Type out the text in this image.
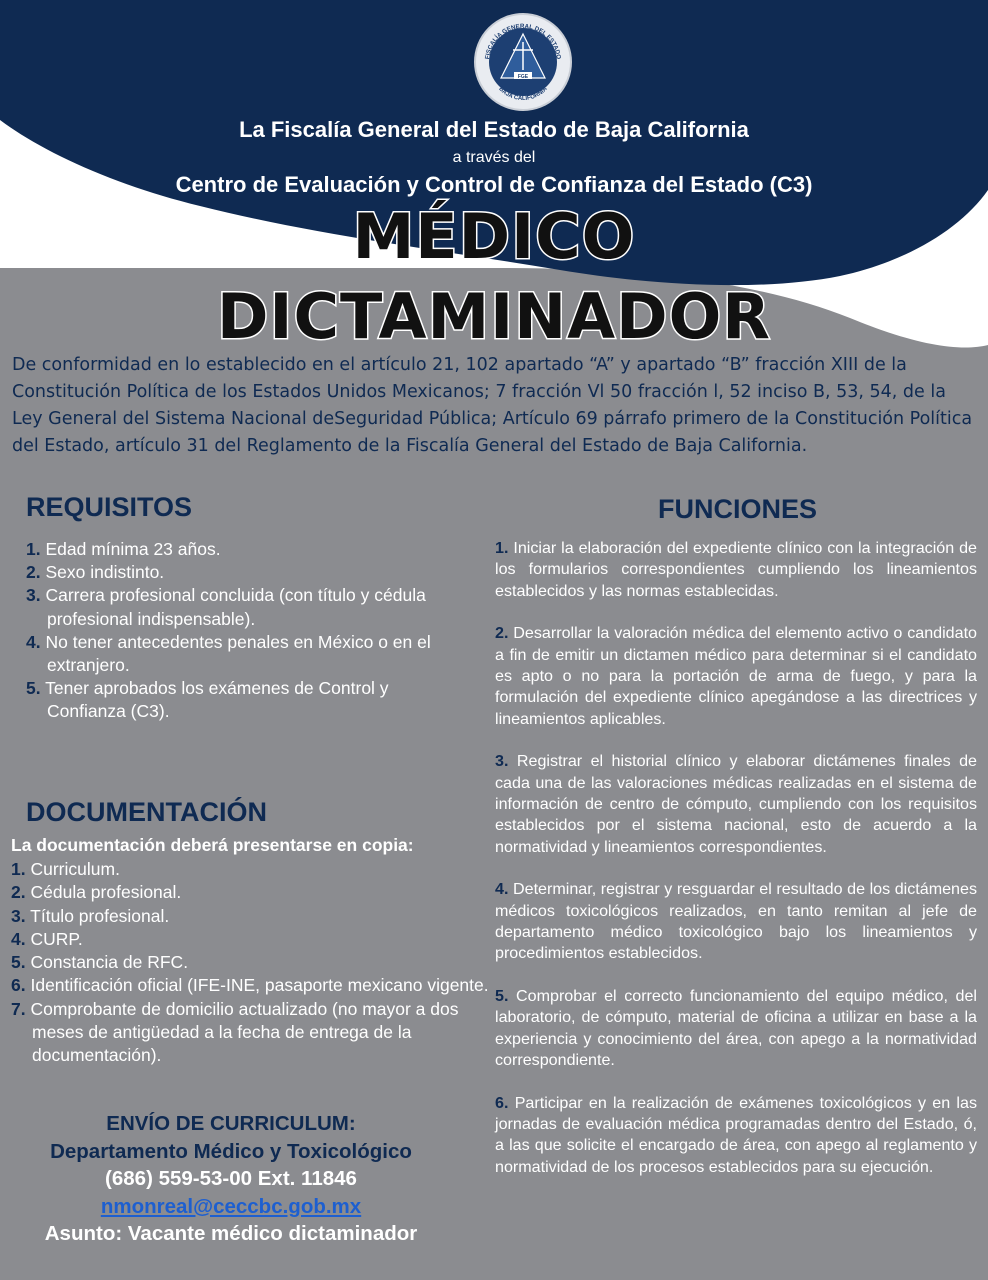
FGE
FISCALÍA GENERAL DEL ESTADO
BAJA CALIFORNIA
La Fiscalía General del Estado de Baja California
a través del
Centro de Evaluación y Control de Confianza del Estado (C3)
MÉDICO
DICTAMINADOR
De conformidad en lo establecido en el artículo 21, 102 apartado “A” y apartado “B” fracción XIII de la Constitución Política de los Estados Unidos Mexicanos; 7 fracción Vl 50 fracción l, 52 inciso B, 53, 54, de la Ley General del Sistema Nacional deSeguridad Pública; Artículo 69 párrafo primero de la Constitución Política del Estado, artículo 31 del Reglamento de la Fiscalía General del Estado de Baja California.
REQUISITOS
1. Edad mínima 23 años.
2. Sexo indistinto.
3. Carrera profesional concluida (con título y cédula profesional indispensable).
4. No tener antecedentes penales en México o en el extranjero.
5. Tener aprobados los exámenes de Control y Confianza (C3).
FUNCIONES
1. Iniciar la elaboración del expediente clínico con la integración de los formularios correspondientes cumpliendo los lineamientos establecidos y las normas establecidas.
2. Desarrollar la valoración médica del elemento activo o candidato a fin de emitir un dictamen médico para determinar si el candidato es apto o no para la portación de arma de fuego, y para la formulación del expediente clínico apegándose a las directrices y lineamientos aplicables.
3. Registrar el historial clínico y elaborar dictámenes finales de cada una de las valoraciones médicas realizadas en el sistema de información de centro de cómputo, cumpliendo con los requisitos establecidos por el sistema nacional, esto de acuerdo a la normatividad y lineamientos correspondientes.
4. Determinar, registrar y resguardar el resultado de los dictámenes médicos toxicológicos realizados, en tanto remitan al jefe de departamento médico toxicológico bajo los lineamientos y procedimientos establecidos.
5. Comprobar el correcto funcionamiento del equipo médico, del laboratorio, de cómputo, material de oficina a utilizar en base a la experiencia y conocimiento del área, con apego a la normatividad correspondiente.
6. Participar en la realización de exámenes toxicológicos y en las jornadas de evaluación médica programadas dentro del Estado, ó, a las que solicite el encargado de área, con apego al reglamento y normatividad de los procesos establecidos para su ejecución.
DOCUMENTACIÓN
La documentación deberá presentarse en copia:
1. Curriculum.
2. Cédula profesional.
3. Título profesional.
4. CURP.
5. Constancia de RFC.
6. Identificación oficial (IFE-INE, pasaporte mexicano vigente.
7. Comprobante de domicilio actualizado (no mayor a dos meses de antigüedad a la fecha de entrega de la documentación).
ENVÍO DE CURRICULUM:
Departamento Médico y Toxicológico
(686) 559-53-00 Ext. 11846
nmonreal@ceccbc.gob.mx
Asunto: Vacante médico dictaminador
